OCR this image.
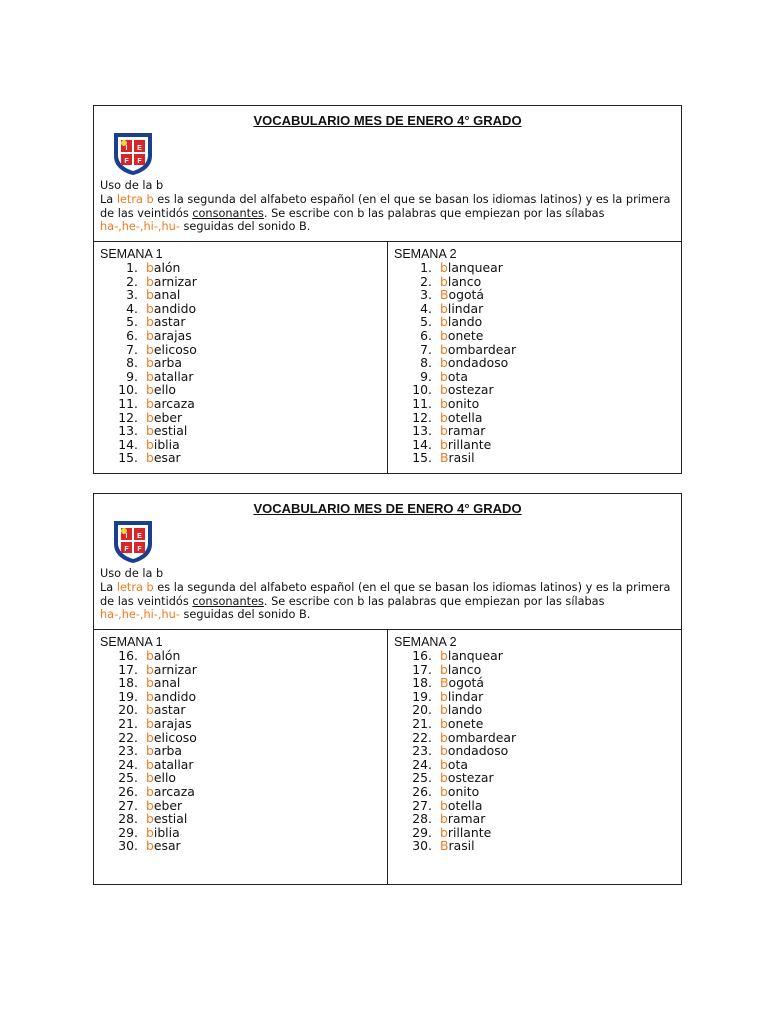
VOCABULARIO MES DE ENERO 4° GRADO
I E
F F
Uso de la b
La letra b es la segunda del alfabeto español (en el que se basan los idiomas latinos) y es la primera de las veintidós consonantes. Se escribe con b las palabras que empiezan por las sílabas ha-,he-,hi-,hu- seguidas del sonido B.
SEMANA 1
1. balón
2. barnizar
3. banal
4. bandido
5. bastar
6. barajas
7. belicoso
8. barba
9. batallar
10. bello
11. barcaza
12. beber
13. bestial
14. biblia
15. besar
SEMANA 2
1. blanquear
2. blanco
3. Bogotá
4. blindar
5. blando
6. bonete
7. bombardear
8. bondadoso
9. bota
10. bostezar
11. bonito
12. botella
13. bramar
14. brillante
15. Brasil
VOCABULARIO MES DE ENERO 4° GRADO
I E
F F
Uso de la b
La letra b es la segunda del alfabeto español (en el que se basan los idiomas latinos) y es la primera de las veintidós consonantes. Se escribe con b las palabras que empiezan por las sílabas ha-,he-,hi-,hu- seguidas del sonido B.
SEMANA 1
16. balón
17. barnizar
18. banal
19. bandido
20. bastar
21. barajas
22. belicoso
23. barba
24. batallar
25. bello
26. barcaza
27. beber
28. bestial
29. biblia
30. besar
SEMANA 2
16. blanquear
17. blanco
18. Bogotá
19. blindar
20. blando
21. bonete
22. bombardear
23. bondadoso
24. bota
25. bostezar
26. bonito
27. botella
28. bramar
29. brillante
30. Brasil
